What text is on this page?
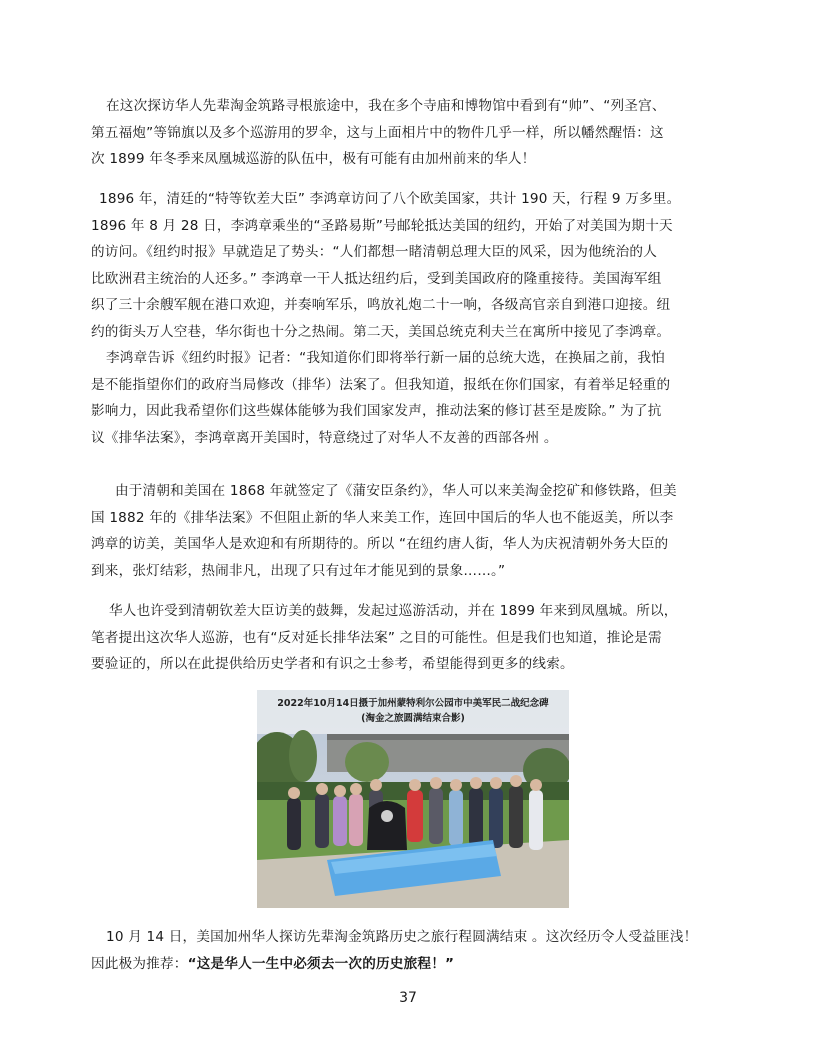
在这次探访华人先辈淘金筑路寻根旅途中，我在多个寺庙和博物馆中看到有“帅”、“列圣宫、

第五福炮”等锦旗以及多个巡游用的罗伞，这与上面相片中的物件几乎一样，所以幡然醒悟：这

次 1899 年冬季来凤凰城巡游的队伍中，极有可能有由加州前来的华人！

1896 年，清廷的“特等钦差大臣” 李鸿章访问了八个欧美国家，共计 190 天，行程 9 万多里。

1896 年 8 月 28 日，李鸿章乘坐的“圣路易斯”号邮轮抵达美国的纽约，开始了对美国为期十天

的访问。《纽约时报》早就造足了势头：“人们都想一睹清朝总理大臣的风采，因为他统治的人

比欧洲君主统治的人还多。” 李鸿章一干人抵达纽约后，受到美国政府的隆重接待。美国海军组

织了三十余艘军舰在港口欢迎，并奏响军乐，鸣放礼炮二十一响，各级高官亲自到港口迎接。纽

约的街头万人空巷，华尔街也十分之热闹。第二天，美国总统克利夫兰在寓所中接见了李鸿章。

李鸿章告诉《纽约时报》记者：“我知道你们即将举行新一届的总统大选，在换届之前，我怕

是不能指望你们的政府当局修改（排华）法案了。但我知道，报纸在你们国家，有着举足轻重的

影响力，因此我希望你们这些媒体能够为我们国家发声，推动法案的修订甚至是废除。” 为了抗

议《排华法案》，李鸿章离开美国时，特意绕过了对华人不友善的西部各州 。

由于清朝和美国在 1868 年就签定了《蒲安臣条约》，华人可以来美淘金挖矿和修铁路，但美

国 1882 年的《排华法案》不但阻止新的华人来美工作，连回中国后的华人也不能返美，所以李

鸿章的访美，美国华人是欢迎和有所期待的。所以 “在纽约唐人街，华人为庆祝清朝外务大臣的

到来，张灯结彩，热闹非凡，出现了只有过年才能见到的景象……。”

华人也许受到清朝钦差大臣访美的鼓舞，发起过巡游活动，并在 1899 年来到凤凰城。所以，

笔者提出这次华人巡游，也有“反对延长排华法案” 之目的可能性。但是我们也知道，推论是需

要验证的，所以在此提供给历史学者和有识之士参考，希望能得到更多的线索。

2022年10月14日摄于加州蒙特利尔公园市中美军民二战纪念碑
(淘金之旅圆满结束合影)

10 月 14 日，美国加州华人探访先辈淘金筑路历史之旅行程圆满结束 。这次经历令人受益匪浅！

因此极为推荐：“这是华人一生中必须去一次的历史旅程！”

37
